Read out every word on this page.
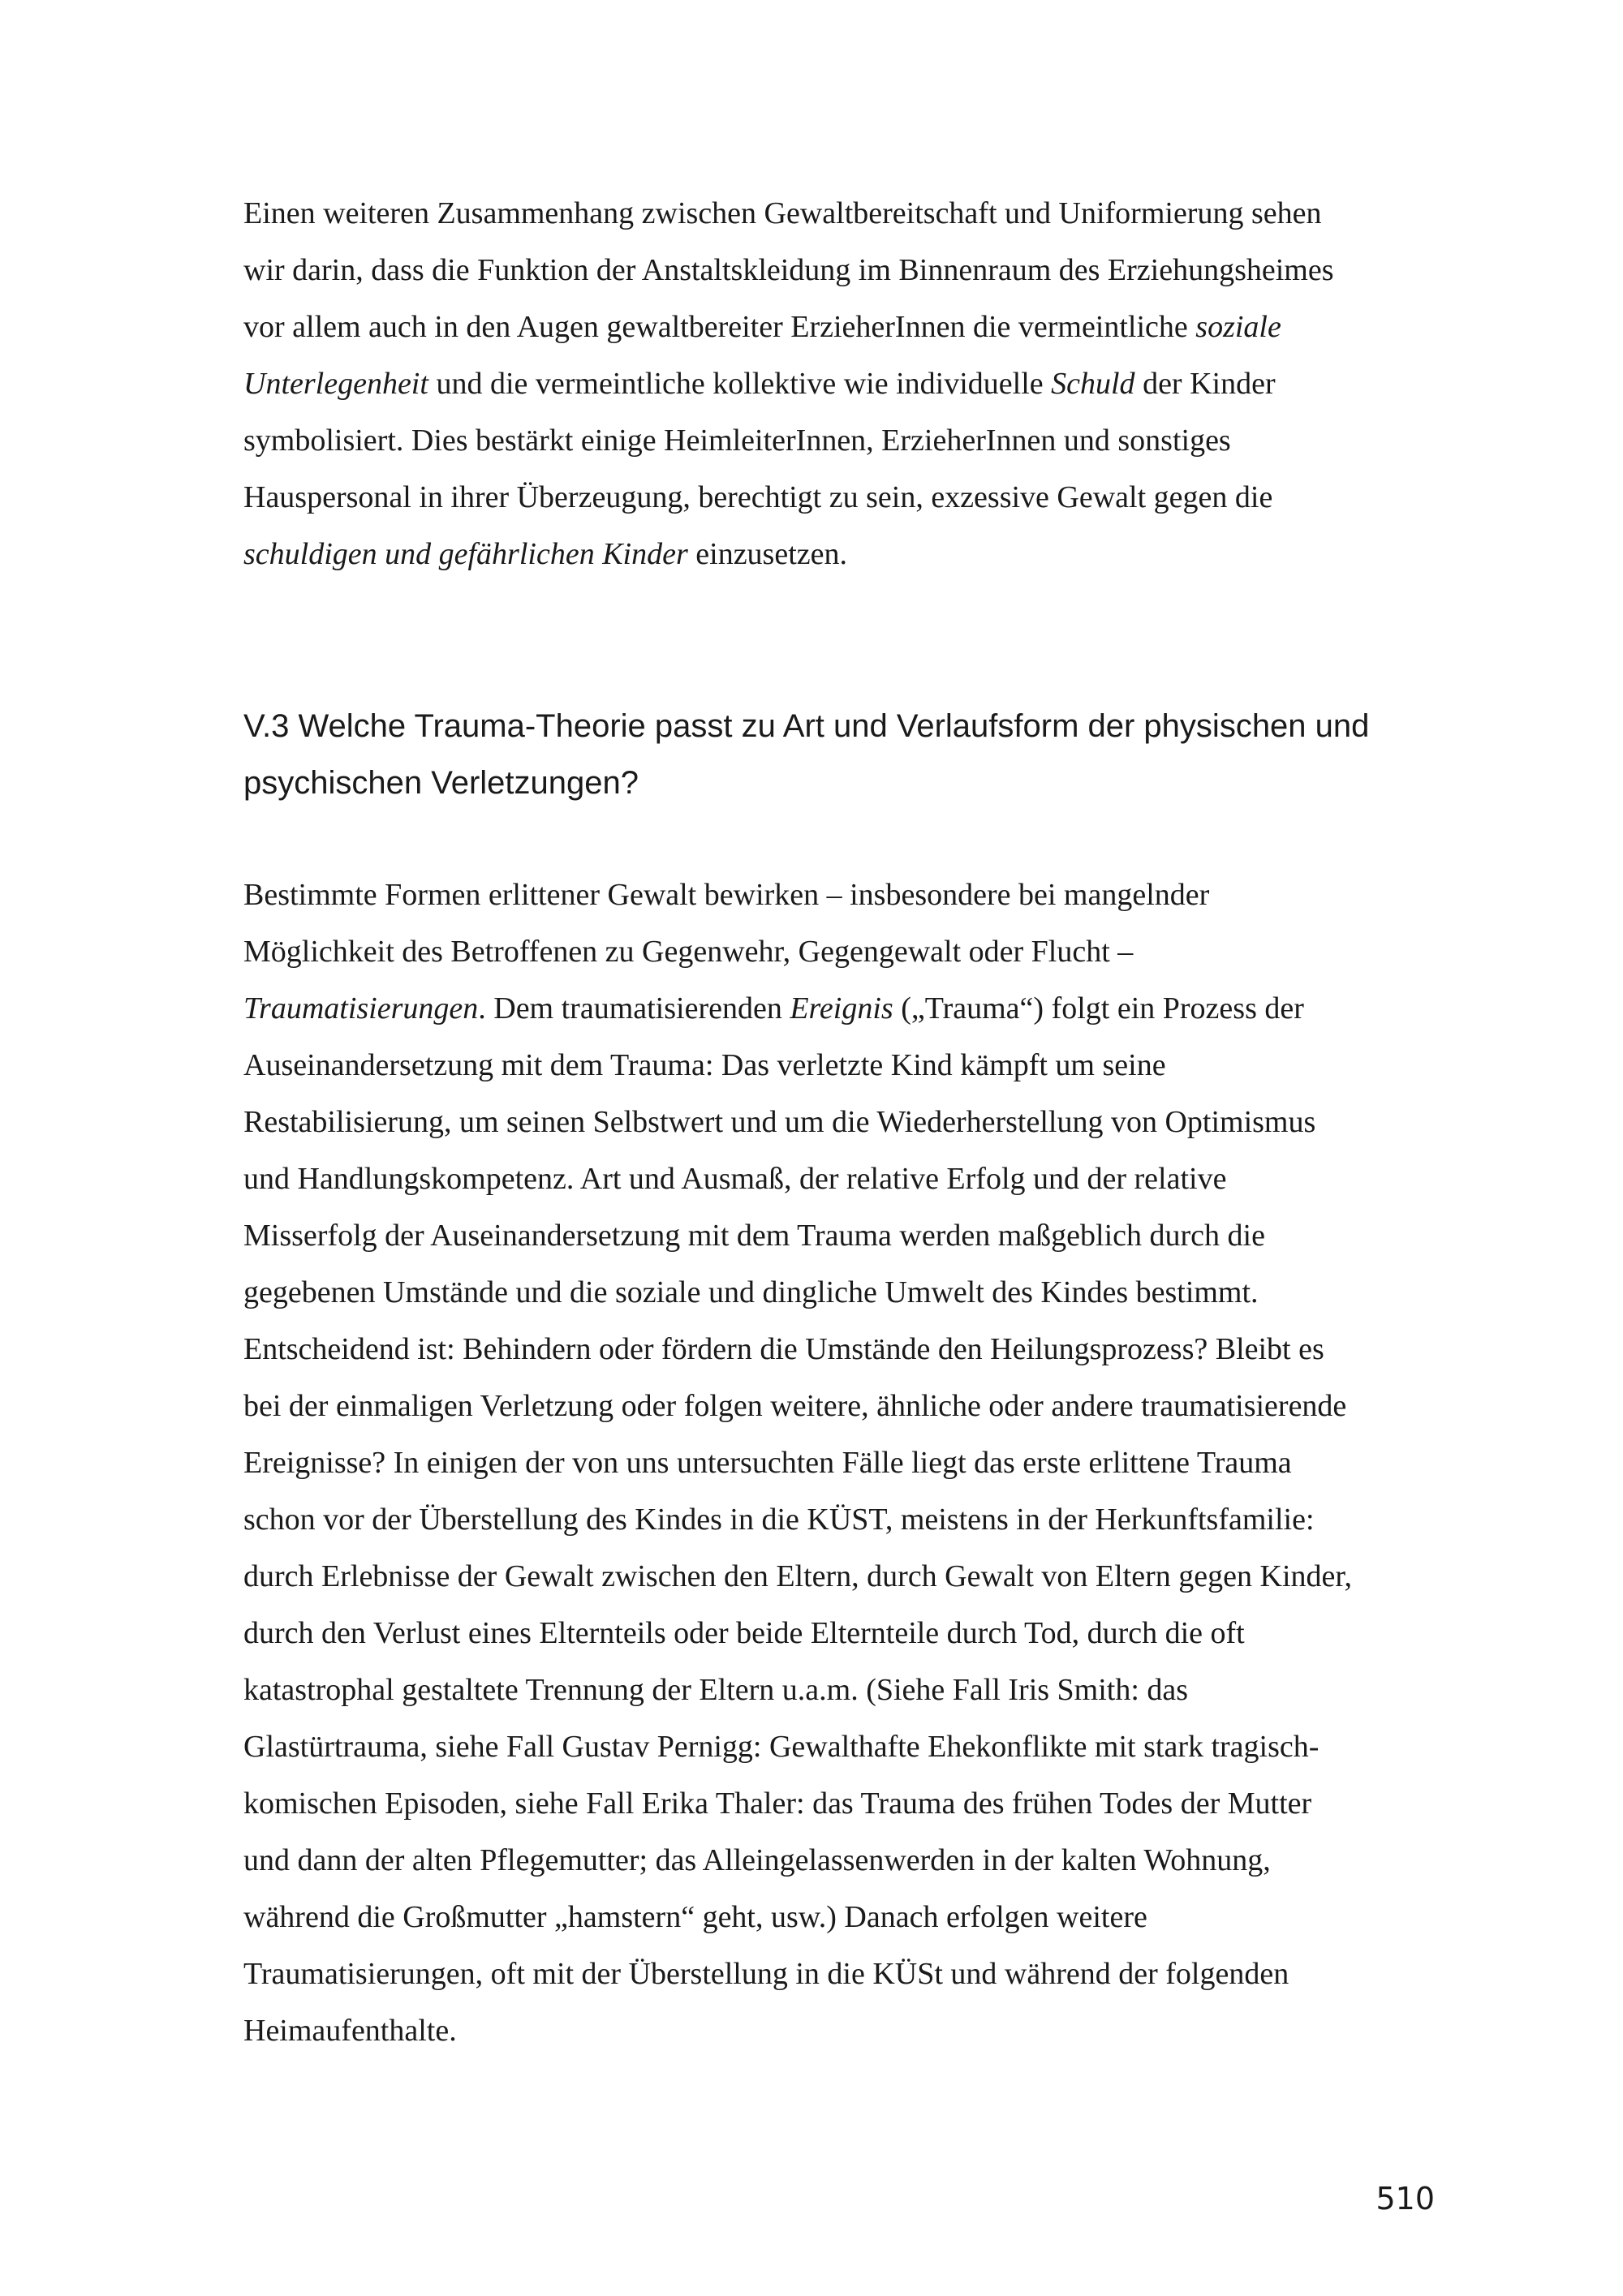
Einen weiteren Zusammenhang zwischen Gewaltbereitschaft und Uniformierung sehen
wir darin, dass die Funktion der Anstaltskleidung im Binnenraum des Erziehungsheimes
vor allem auch in den Augen gewaltbereiter ErzieherInnen die vermeintliche soziale
Unterlegenheit und die vermeintliche kollektive wie individuelle Schuld der Kinder
symbolisiert. Dies bestärkt einige HeimleiterInnen, ErzieherInnen und sonstiges
Hauspersonal in ihrer Überzeugung, berechtigt zu sein, exzessive Gewalt gegen die
schuldigen und gefährlichen Kinder einzusetzen.

V.3 Welche Trauma-Theorie passt zu Art und Verlaufsform der physischen und
psychischen Verletzungen?

Bestimmte Formen erlittener Gewalt bewirken – insbesondere bei mangelnder
Möglichkeit des Betroffenen zu Gegenwehr, Gegengewalt oder Flucht –
Traumatisierungen. Dem traumatisierenden Ereignis („Trauma“) folgt ein Prozess der
Auseinandersetzung mit dem Trauma: Das verletzte Kind kämpft um seine
Restabilisierung, um seinen Selbstwert und um die Wiederherstellung von Optimismus
und Handlungskompetenz. Art und Ausmaß, der relative Erfolg und der relative
Misserfolg der Auseinandersetzung mit dem Trauma werden maßgeblich durch die
gegebenen Umstände und die soziale und dingliche Umwelt des Kindes bestimmt.
Entscheidend ist: Behindern oder fördern die Umstände den Heilungsprozess? Bleibt es
bei der einmaligen Verletzung oder folgen weitere, ähnliche oder andere traumatisierende
Ereignisse? In einigen der von uns untersuchten Fälle liegt das erste erlittene Trauma
schon vor der Überstellung des Kindes in die KÜST, meistens in der Herkunftsfamilie:
durch Erlebnisse der Gewalt zwischen den Eltern, durch Gewalt von Eltern gegen Kinder,
durch den Verlust eines Elternteils oder beide Elternteile durch Tod, durch die oft
katastrophal gestaltete Trennung der Eltern u.a.m. (Siehe Fall Iris Smith: das
Glastürtrauma, siehe Fall Gustav Pernigg: Gewalthafte Ehekonflikte mit stark tragisch-
komischen Episoden, siehe Fall Erika Thaler: das Trauma des frühen Todes der Mutter
und dann der alten Pflegemutter; das Alleingelassenwerden in der kalten Wohnung,
während die Großmutter „hamstern“ geht, usw.) Danach erfolgen weitere
Traumatisierungen, oft mit der Überstellung in die KÜSt und während der folgenden
Heimaufenthalte.

510
